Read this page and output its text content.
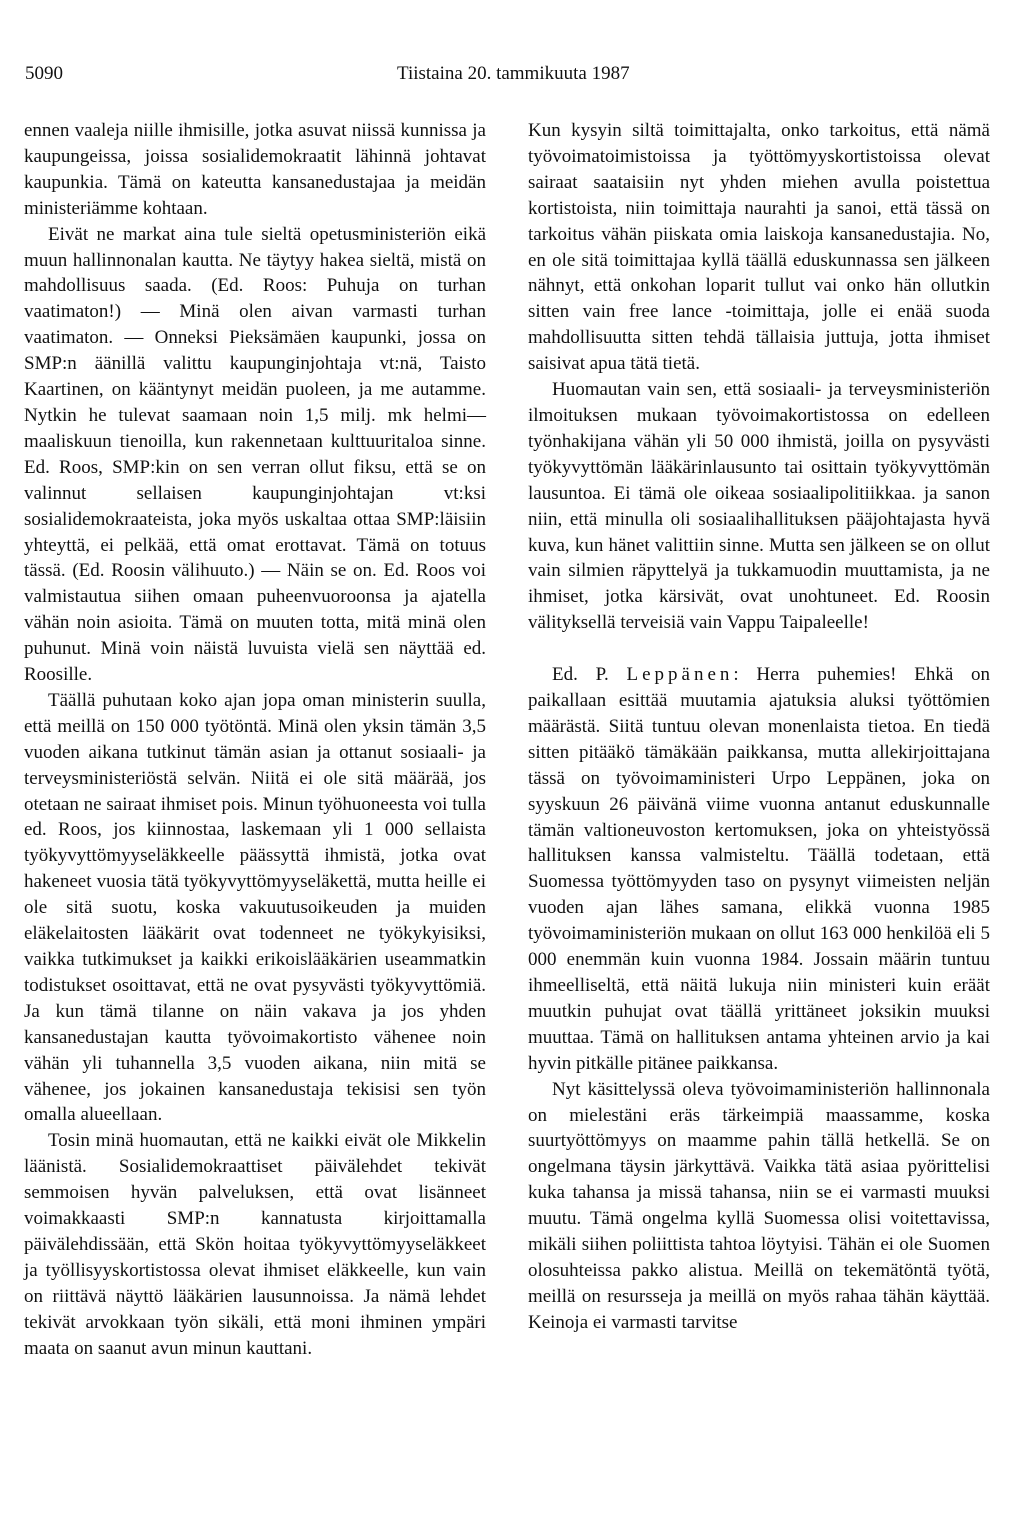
5090	Tiistaina 20. tammikuuta 1987

ennen vaaleja niille ihmisille, jotka asuvat niissä kunnissa ja kaupungeissa, joissa sosialidemokraatit lähinnä johtavat kaupunkia. Tämä on kateutta kansanedustajaa ja meidän ministeriämme kohtaan.

Eivät ne markat aina tule sieltä opetusministeriön eikä muun hallinnonalan kautta. Ne täytyy hakea sieltä, mistä on mahdollisuus saada. (Ed. Roos: Puhuja on turhan vaatimaton!) — Minä olen aivan varmasti turhan vaatimaton. — Onneksi Pieksämäen kaupunki, jossa on SMP:n äänillä valittu kaupunginjohtaja vt:nä, Taisto Kaartinen, on kääntynyt meidän puoleen, ja me autamme. Nytkin he tulevat saamaan noin 1,5 milj. mk helmi—maaliskuun tienoilla, kun rakennetaan kulttuuritaloa sinne. Ed. Roos, SMP:kin on sen verran ollut fiksu, että se on valinnut sellaisen kaupunginjohtajan vt:ksi sosialidemokraateista, joka myös uskaltaa ottaa SMP:läisiin yhteyttä, ei pelkää, että omat erottavat. Tämä on totuus tässä. (Ed. Roosin välihuuto.) — Näin se on. Ed. Roos voi valmistautua siihen omaan puheenvuoroonsa ja ajatella vähän noin asioita. Tämä on muuten totta, mitä minä olen puhunut. Minä voin näistä luvuista vielä sen näyttää ed. Roosille.

Täällä puhutaan koko ajan jopa oman ministerin suulla, että meillä on 150 000 työtöntä. Minä olen yksin tämän 3,5 vuoden aikana tutkinut tämän asian ja ottanut sosiaali- ja terveysministeriöstä selvän. Niitä ei ole sitä määrää, jos otetaan ne sairaat ihmiset pois. Minun työhuoneesta voi tulla ed. Roos, jos kiinnostaa, laskemaan yli 1 000 sellaista työkyvyttömyyseläkkeelle päässyttä ihmistä, jotka ovat hakeneet vuosia tätä työkyvyttömyyseläkettä, mutta heille ei ole sitä suotu, koska vakuutusoikeuden ja muiden eläkelaitosten lääkärit ovat todenneet ne työkykyisiksi, vaikka tutkimukset ja kaikki erikoislääkärien useammatkin todistukset osoittavat, että ne ovat pysyvästi työkyvyttömiä. Ja kun tämä tilanne on näin vakava ja jos yhden kansanedustajan kautta työvoimakortisto vähenee noin vähän yli tuhannella 3,5 vuoden aikana, niin mitä se vähenee, jos jokainen kansanedustaja tekisisi sen työn omalla alueellaan.

Tosin minä huomautan, että ne kaikki eivät ole Mikkelin läänistä. Sosialidemokraattiset päivälehdet tekivät semmoisen hyvän palveluksen, että ovat lisänneet voimakkaasti SMP:n kannatusta kirjoittamalla päivälehdissään, että Skön hoitaa työkyvyttömyyseläkkeet ja työllisyyskortistossa olevat ihmiset eläkkeelle, kun vain on riittävä näyttö lääkärien lausunnoissa. Ja nämä lehdet tekivät arvokkaan työn sikäli, että moni ihminen ympäri maata on saanut avun minun kauttani.

Kun kysyin siltä toimittajalta, onko tarkoitus, että nämä työvoimatoimistoissa ja työttömyyskortistoissa olevat sairaat saataisiin nyt yhden miehen avulla poistettua kortistoista, niin toimittaja naurahti ja sanoi, että tässä on tarkoitus vähän piiskata omia laiskoja kansanedustajia. No, en ole sitä toimittajaa kyllä täällä eduskunnassa sen jälkeen nähnyt, että onkohan loparit tullut vai onko hän ollutkin sitten vain free lance -toimittaja, jolle ei enää suoda mahdollisuutta sitten tehdä tällaisia juttuja, jotta ihmiset saisivat apua tätä tietä.

Huomautan vain sen, että sosiaali- ja terveysministeriön ilmoituksen mukaan työvoimakortistossa on edelleen työnhakijana vähän yli 50 000 ihmistä, joilla on pysyvästi työkyvyttömän lääkärinlausunto tai osittain työkyvyttömän lausuntoa. Ei tämä ole oikeaa sosiaalipolitiikkaa. ja sanon niin, että minulla oli sosiaalihallituksen pääjohtajasta hyvä kuva, kun hänet valittiin sinne. Mutta sen jälkeen se on ollut vain silmien räpyttelyä ja tukkamuodin muuttamista, ja ne ihmiset, jotka kärsivät, ovat unohtuneet. Ed. Roosin välityksellä terveisiä vain Vappu Taipaleelle!

Ed. P. Leppänen: Herra puhemies! Ehkä on paikallaan esittää muutamia ajatuksia aluksi työttömien määrästä. Siitä tuntuu olevan monenlaista tietoa. En tiedä sitten pitääkö tämäkään paikkansa, mutta allekirjoittajana tässä on työvoimaministeri Urpo Leppänen, joka on syyskuun 26 päivänä viime vuonna antanut eduskunnalle tämän valtioneuvoston kertomuksen, joka on yhteistyössä hallituksen kanssa valmisteltu. Täällä todetaan, että Suomessa työttömyyden taso on pysynyt viimeisten neljän vuoden ajan lähes samana, elikkä vuonna 1985 työvoimaministeriön mukaan on ollut 163 000 henkilöä eli 5 000 enemmän kuin vuonna 1984. Jossain määrin tuntuu ihmeelliseltä, että näitä lukuja niin ministeri kuin eräät muutkin puhujat ovat täällä yrittäneet joksikin muuksi muuttaa. Tämä on hallituksen antama yhteinen arvio ja kai hyvin pitkälle pitänee paikkansa.

Nyt käsittelyssä oleva työvoimaministeriön hallinnonala on mielestäni eräs tärkeimpiä maassamme, koska suurtyöttömyys on maamme pahin tällä hetkellä. Se on ongelmana täysin järkyttävä. Vaikka tätä asiaa pyörittelisi kuka tahansa ja missä tahansa, niin se ei varmasti muuksi muutu. Tämä ongelma kyllä Suomessa olisi voitettavissa, mikäli siihen poliittista tahtoa löytyisi. Tähän ei ole Suomen olosuhteissa pakko alistua. Meillä on tekemätöntä työtä, meillä on resursseja ja meillä on myös rahaa tähän käyttää. Keinoja ei varmasti tarvitse
